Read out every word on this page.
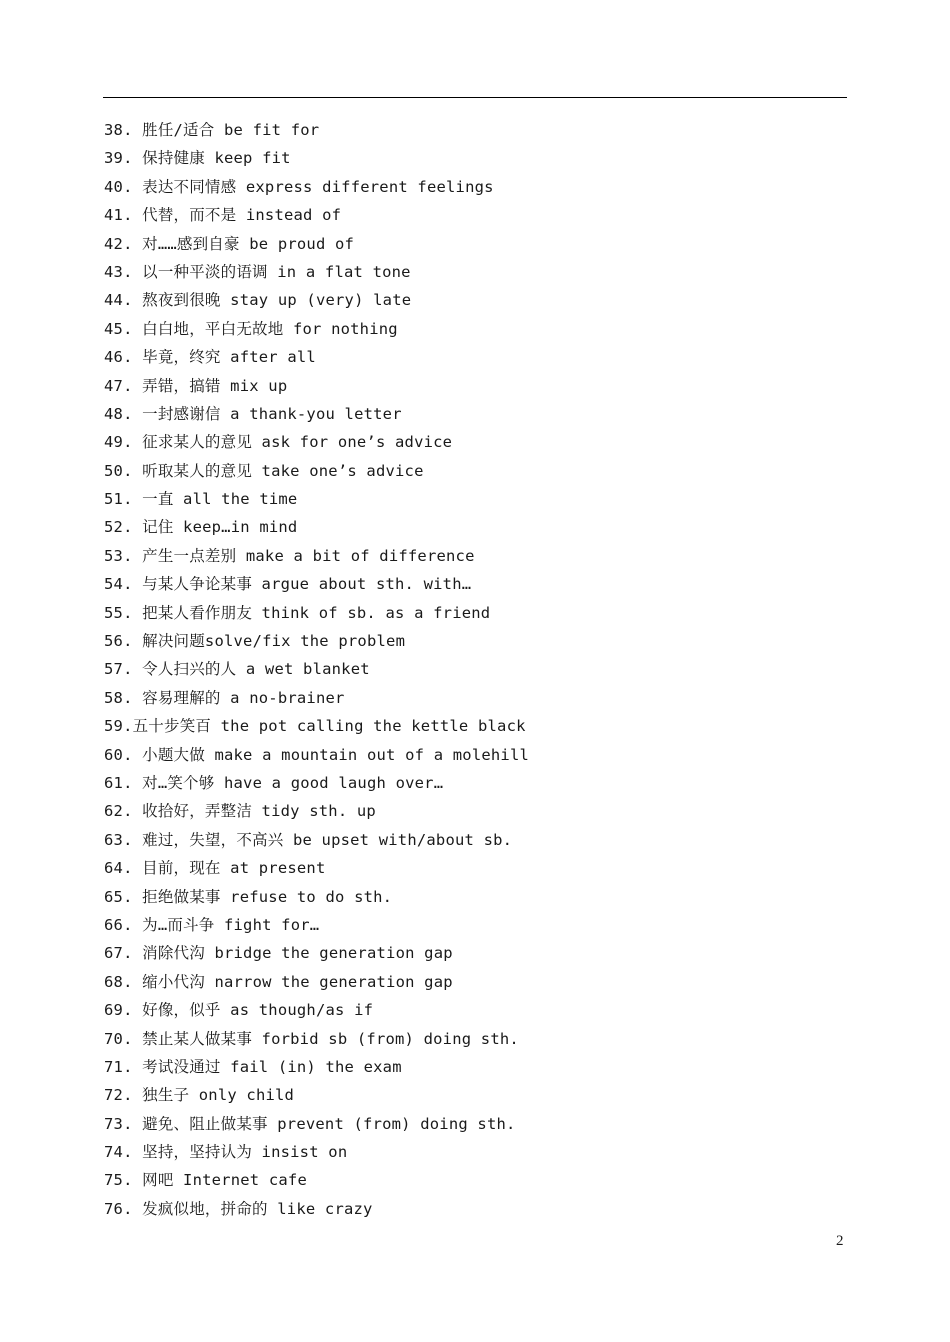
38. 胜任/适合 be fit for
39. 保持健康 keep fit
40. 表达不同情感 express different feelings
41. 代替，而不是 instead of
42. 对……感到自豪 be proud of
43. 以一种平淡的语调 in a flat tone
44. 熬夜到很晚 stay up (very) late
45. 白白地，平白无故地 for nothing
46. 毕竟，终究 after all
47. 弄错，搞错 mix up
48. 一封感谢信 a thank-you letter
49. 征求某人的意见 ask for one’s advice
50. 听取某人的意见 take one’s advice
51. 一直 all the time
52. 记住 keep…in mind
53. 产生一点差别 make a bit of difference
54. 与某人争论某事 argue about sth. with…
55. 把某人看作朋友 think of sb. as a friend
56. 解决问题solve/fix the problem
57. 令人扫兴的人 a wet blanket
58. 容易理解的 a no-brainer
59.五十步笑百 the pot calling the kettle black
60. 小题大做 make a mountain out of a molehill
61. 对…笑个够 have a good laugh over…
62. 收拾好，弄整洁 tidy sth. up
63. 难过，失望，不高兴 be upset with/about sb.
64. 目前，现在 at present
65. 拒绝做某事 refuse to do sth.
66. 为…而斗争 fight for…
67. 消除代沟 bridge the generation gap
68. 缩小代沟 narrow the generation gap
69. 好像，似乎 as though/as if
70. 禁止某人做某事 forbid sb (from) doing sth.
71. 考试没通过 fail (in) the exam
72. 独生子 only child
73. 避免、阻止做某事 prevent (from) doing sth.
74. 坚持，坚持认为 insist on
75. 网吧 Internet cafe
76. 发疯似地，拼命的 like crazy
2
